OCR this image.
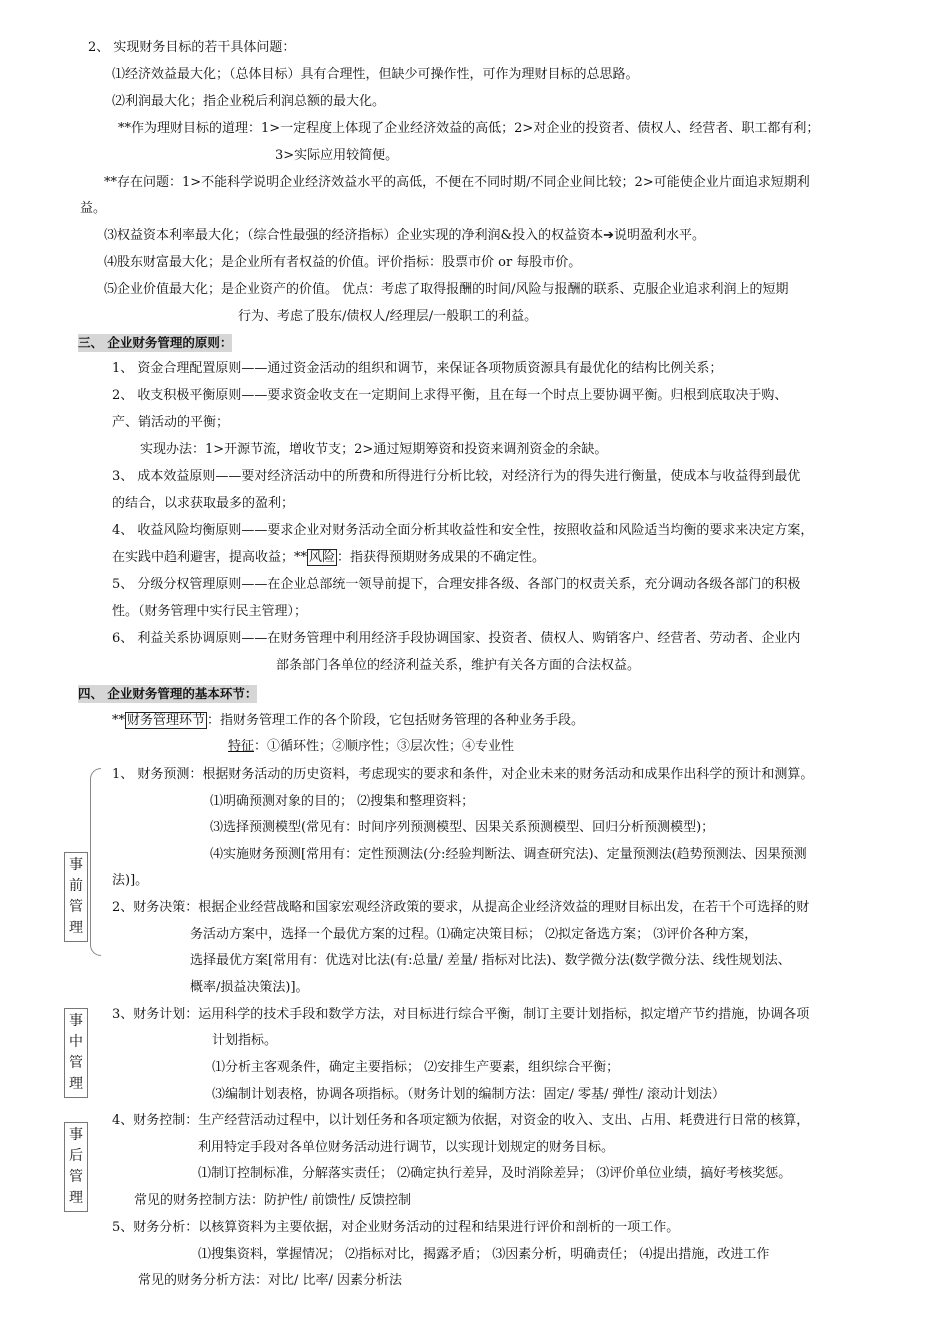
2、 实现财务目标的若干具体问题：
⑴经济效益最大化；（总体目标）具有合理性，但缺少可操作性，可作为理财目标的总思路。
⑵利润最大化；指企业税后利润总额的最大化。
**作为理财目标的道理：1>一定程度上体现了企业经济效益的高低；2>对企业的投资者、债权人、经营者、职工都有利；
3>实际应用较简便。
**存在问题：1>不能科学说明企业经济效益水平的高低，不便在不同时期/不同企业间比较；2>可能使企业片面追求短期利
益。
⑶权益资本利率最大化；（综合性最强的经济指标）企业实现的净利润&投入的权益资本➔说明盈利水平。
⑷股东财富最大化；是企业所有者权益的价值。评价指标：股票市价 or 每股市价。
⑸企业价值最大化；是企业资产的价值。 优点：考虑了取得报酬的时间/风险与报酬的联系、克服企业追求利润上的短期
行为、考虑了股东/债权人/经理层/一般职工的利益。
三、 企业财务管理的原则：
1、 资金合理配置原则——通过资金活动的组织和调节，来保证各项物质资源具有最优化的结构比例关系；
2、 收支积极平衡原则——要求资金收支在一定期间上求得平衡，且在每一个时点上要协调平衡。归根到底取决于购、
产、销活动的平衡；
实现办法：1>开源节流，增收节支；2>通过短期筹资和投资来调剂资金的余缺。
3、 成本效益原则——要对经济活动中的所费和所得进行分析比较，对经济行为的得失进行衡量，使成本与收益得到最优
的结合，以求获取最多的盈利；
4、 收益风险均衡原则——要求企业对财务活动全面分析其收益性和安全性，按照收益和风险适当均衡的要求来决定方案，
在实践中趋利避害，提高收益；** 风险 ：指获得预期财务成果的不确定性。
5、 分级分权管理原则——在企业总部统一领导前提下，合理安排各级、各部门的权责关系，充分调动各级各部门的积极
性。（财务管理中实行民主管理）；
6、 利益关系协调原则——在财务管理中利用经济手段协调国家、投资者、债权人、购销客户、经营者、劳动者、企业内
部条部门各单位的经济利益关系，维护有关各方面的合法权益。
四、 企业财务管理的基本环节：
** 财务管理环节 ：指财务管理工作的各个阶段，它包括财务管理的各种业务手段。
特征：①循环性；②顺序性；③层次性；④专业性
1、 财务预测：根据财务活动的历史资料，考虑现实的要求和条件，对企业未来的财务活动和成果作出科学的预计和测算。
⑴明确预测对象的目的； ⑵搜集和整理资料；
⑶选择预测模型(常见有：时间序列预测模型、因果关系预测模型、回归分析预测模型)；
⑷实施财务预测[常用有：定性预测法(分:经验判断法、调查研究法)、定量预测法(趋势预测法、因果预测
法)]。
2、财务决策：根据企业经营战略和国家宏观经济政策的要求，从提高企业经济效益的理财目标出发，在若干个可选择的财
务活动方案中，选择一个最优方案的过程。⑴确定决策目标； ⑵拟定备选方案； ⑶评价各种方案，
选择最优方案[常用有：优选对比法(有:总量/ 差量/ 指标对比法)、数学微分法(数学微分法、线性规划法、
概率/损益决策法)]。
3、财务计划：运用科学的技术手段和数学方法，对目标进行综合平衡，制订主要计划指标，拟定增产节约措施，协调各项
计划指标。
⑴分析主客观条件，确定主要指标； ⑵安排生产要素，组织综合平衡；
⑶编制计划表格，协调各项指标。（财务计划的编制方法：固定/ 零基/ 弹性/ 滚动计划法）
4、财务控制：生产经营活动过程中，以计划任务和各项定额为依据，对资金的收入、支出、占用、耗费进行日常的核算，
利用特定手段对各单位财务活动进行调节，以实现计划规定的财务目标。
⑴制订控制标准，分解落实责任； ⑵确定执行差异，及时消除差异； ⑶评价单位业绩，搞好考核奖惩。
常见的财务控制方法：防护性/ 前馈性/ 反馈控制
5、财务分析：以核算资料为主要依据，对企业财务活动的过程和结果进行评价和剖析的一项工作。
⑴搜集资料，掌握情况； ⑵指标对比，揭露矛盾； ⑶因素分析，明确责任； ⑷提出措施，改进工作
常见的财务分析方法：对比/ 比率/ 因素分析法
事
前
管
理
事
中
管
理
事
后
管
理
